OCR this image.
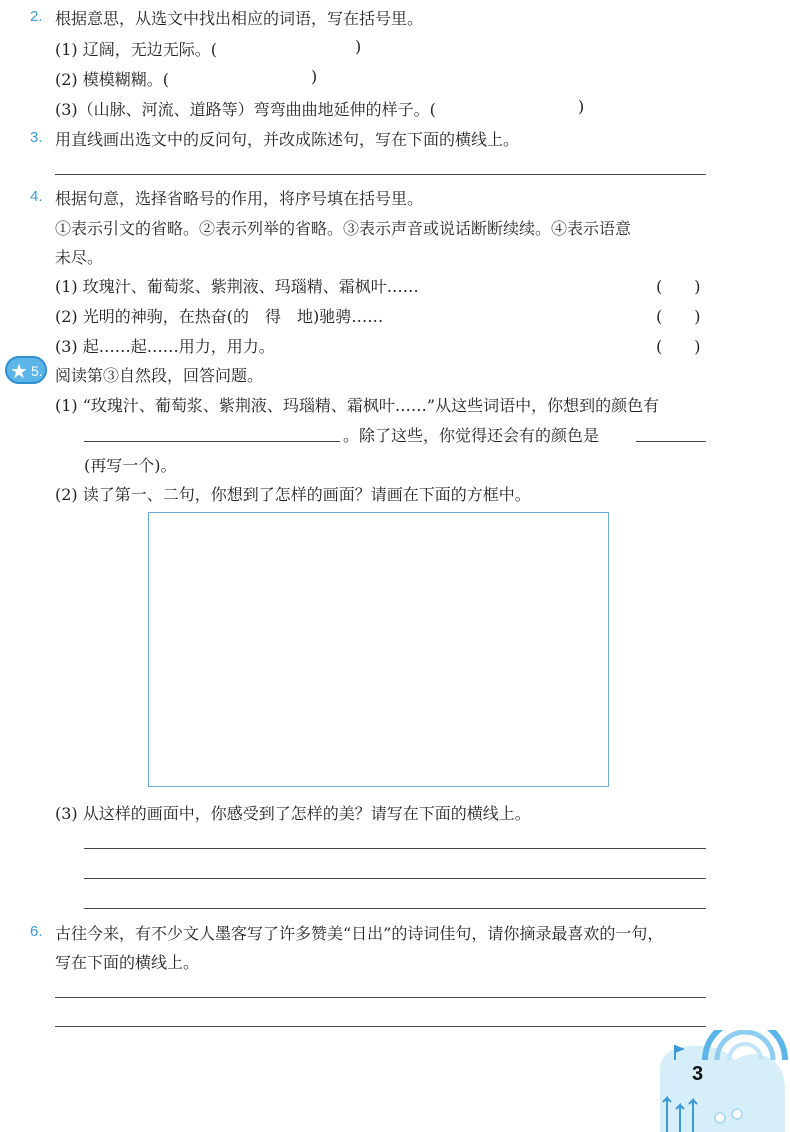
2. 根据意思，从选文中找出相应的词语，写在括号里。
(1) 辽阔，无边无际。(	)
(2) 模模糊糊。(	)
(3)（山脉、河流、道路等）弯弯曲曲地延伸的样子。(	)
3. 用直线画出选文中的反问句，并改成陈述句，写在下面的横线上。
4. 根据句意，选择省略号的作用，将序号填在括号里。
①表示引文的省略。②表示列举的省略。③表示声音或说话断断续续。④表示语意
未尽。
(1) 玫瑰汁、葡萄浆、紫荆液、玛瑙精、霜枫叶……	(　　)
(2) 光明的神驹，在热奋(的　得　地)驰骋……	(　　)
(3) 起……起……用力，用力。	(　　)
★ 5. 阅读第③自然段，回答问题。
(1) “玫瑰汁、葡萄浆、紫荆液、玛瑙精、霜枫叶……”从这些词语中，你想到的颜色有
。除了这些，你觉得还会有的颜色是
(再写一个)。
(2) 读了第一、二句，你想到了怎样的画面？请画在下面的方框中。
(3) 从这样的画面中，你感受到了怎样的美？请写在下面的横线上。
6. 古往今来，有不少文人墨客写了许多赞美“日出”的诗词佳句，请你摘录最喜欢的一句，
写在下面的横线上。
3
